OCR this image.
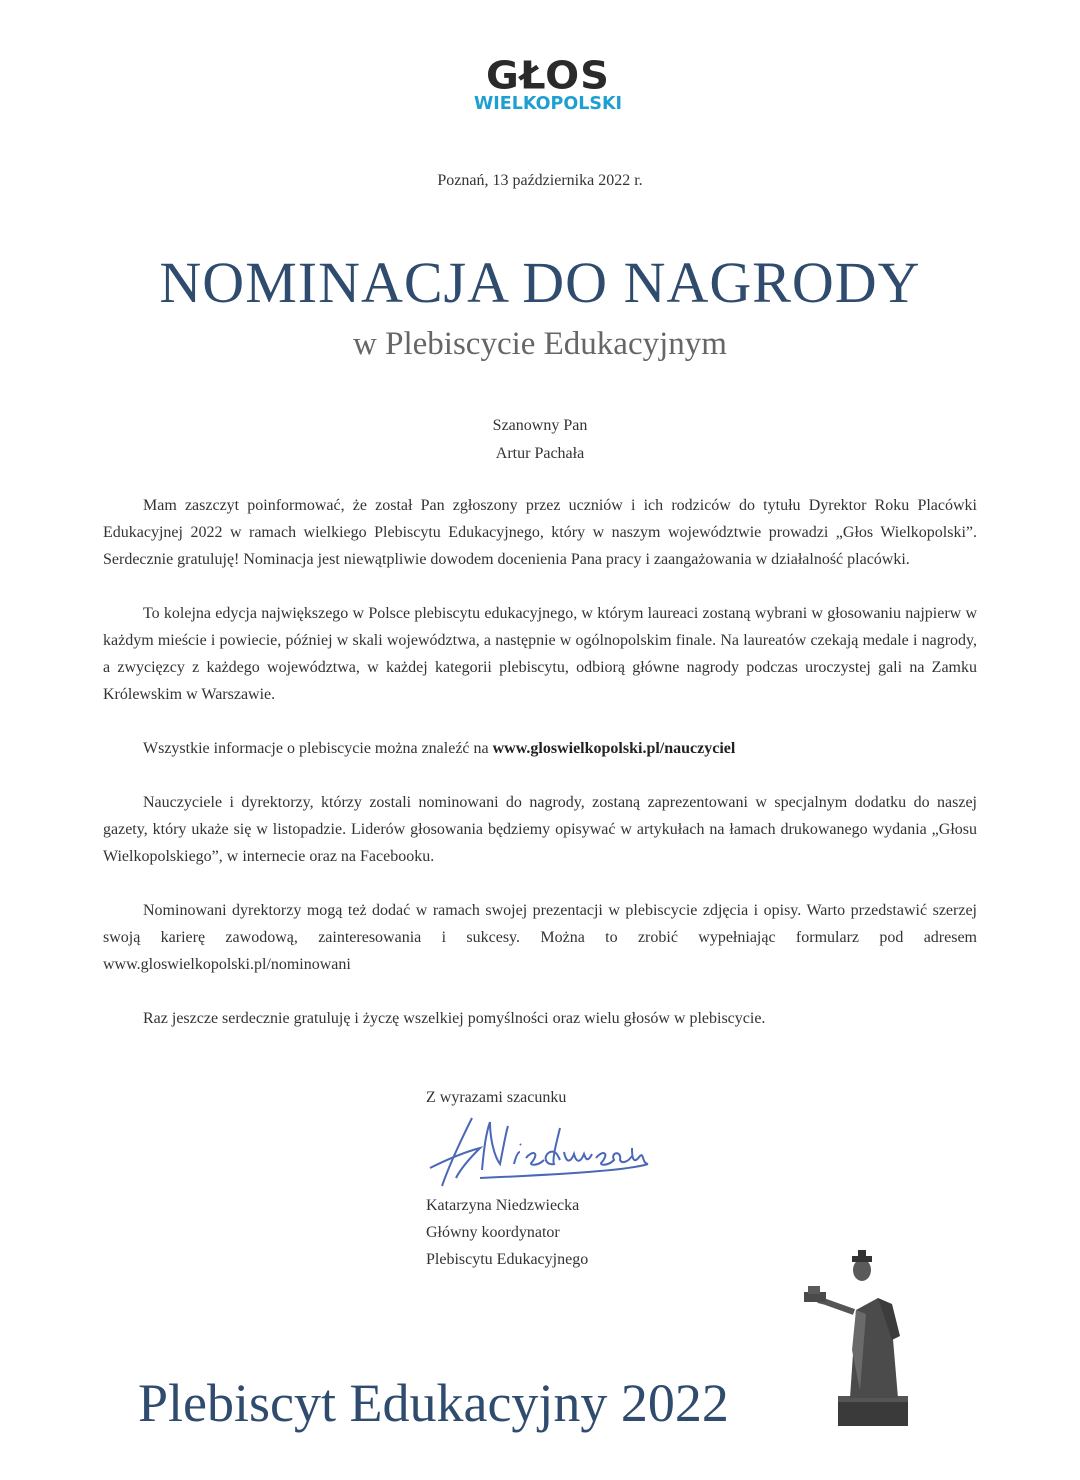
GŁOS
WIELKOPOLSKI
Poznań, 13 października 2022 r.
NOMINACJA DO NAGRODY
w Plebiscycie Edukacyjnym
Szanowny Pan
Artur Pachała

Mam zaszczyt poinformować, że został Pan zgłoszony przez uczniów i ich rodziców do tytułu Dyrektor Roku Placówki Edukacyjnej 2022 w ramach wielkiego Plebiscytu Edukacyjnego, który w naszym województwie prowadzi „Głos Wielkopolski”. Serdecznie gratuluję! Nominacja jest niewątpliwie dowodem docenienia Pana pracy i zaangażowania w działalność placówki.

To kolejna edycja największego w Polsce plebiscytu edukacyjnego, w którym laureaci zostaną wybrani w głosowaniu najpierw w każdym mieście i powiecie, później w skali województwa, a następnie w ogólnopolskim finale. Na laureatów czekają medale i nagrody, a zwycięzcy z każdego województwa, w każdej kategorii plebiscytu, odbiorą główne nagrody podczas uroczystej gali na Zamku Królewskim w Warszawie.

Wszystkie informacje o plebiscycie można znaleźć na www.gloswielkopolski.pl/nauczyciel

Nauczyciele i dyrektorzy, którzy zostali nominowani do nagrody, zostaną zaprezentowani w specjalnym dodatku do naszej gazety, który ukaże się w listopadzie. Liderów głosowania będziemy opisywać w artykułach na łamach drukowanego wydania „Głosu Wielkopolskiego”, w internecie oraz na Facebooku.

Nominowani dyrektorzy mogą też dodać w ramach swojej prezentacji w plebiscycie zdjęcia i opisy. Warto przedstawić szerzej swoją karierę zawodową, zainteresowania i sukcesy. Można to zrobić wypełniając formularz pod adresem www.gloswielkopolski.pl/nominowani

Raz jeszcze serdecznie gratuluję i życzę wszelkiej pomyślności oraz wielu głosów w plebiscycie.

Z wyrazami szacunku
Katarzyna Niedzwiecka
Główny koordynator
Plebiscytu Edukacyjnego
Plebiscyt Edukacyjny 2022
